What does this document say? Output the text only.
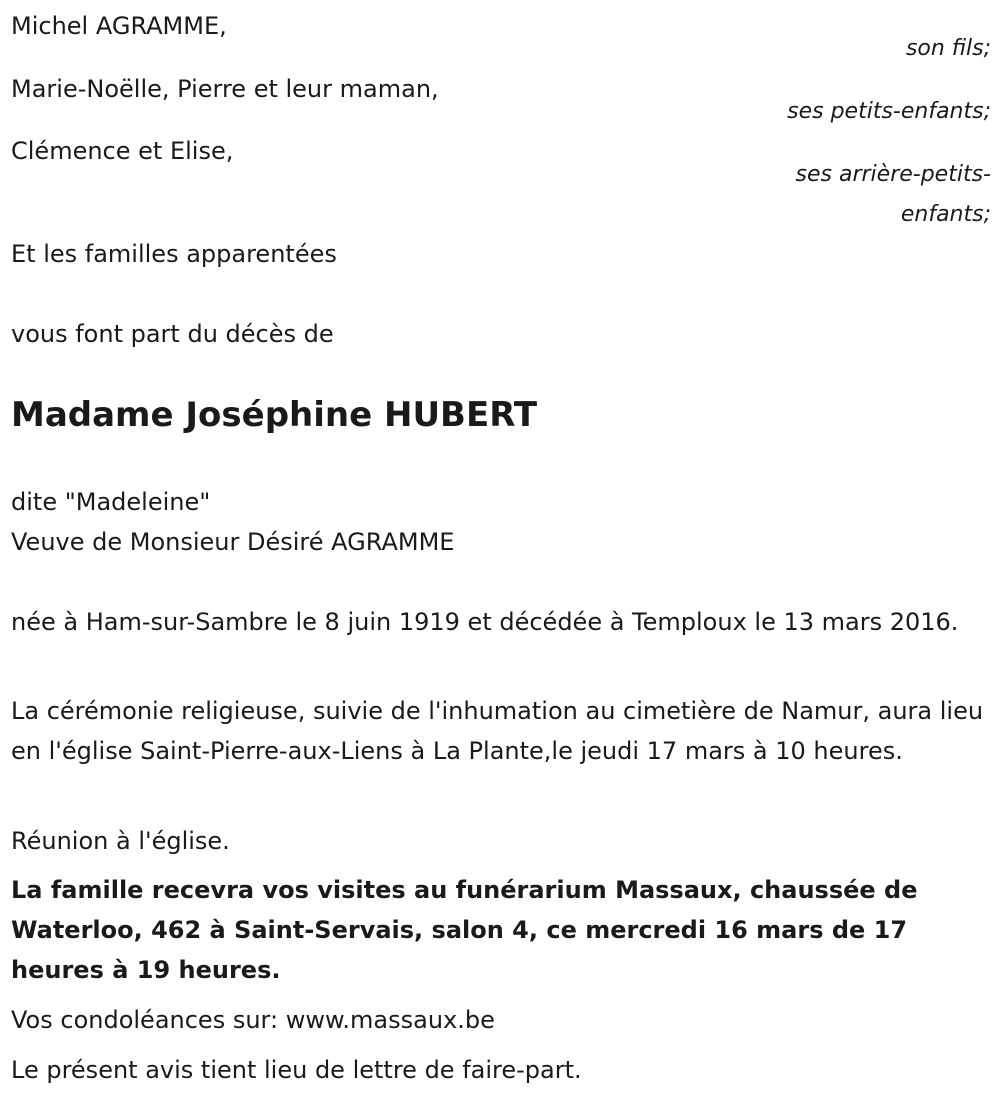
Michel AGRAMME,

son fils;

Marie-Noëlle, Pierre et leur maman,

ses petits-enfants;

Clémence et Elise,

ses arrière-petits-
enfants;

Et les familles apparentées

vous font part du décès de

Madame Joséphine HUBERT

dite "Madeleine"

Veuve de Monsieur Désiré AGRAMME

née à Ham-sur-Sambre le 8 juin 1919 et décédée à Temploux le 13 mars 2016.

La cérémonie religieuse, suivie de l'inhumation au cimetière de Namur, aura lieu en l'église Saint-Pierre-aux-Liens à La Plante,le jeudi 17 mars à 10 heures.

Réunion à l'église.

La famille recevra vos visites au funérarium Massaux, chaussée de Waterloo, 462 à Saint-Servais, salon 4, ce mercredi 16 mars de 17 heures à 19 heures.

Vos condoléances sur: www.massaux.be

Le présent avis tient lieu de lettre de faire-part.
